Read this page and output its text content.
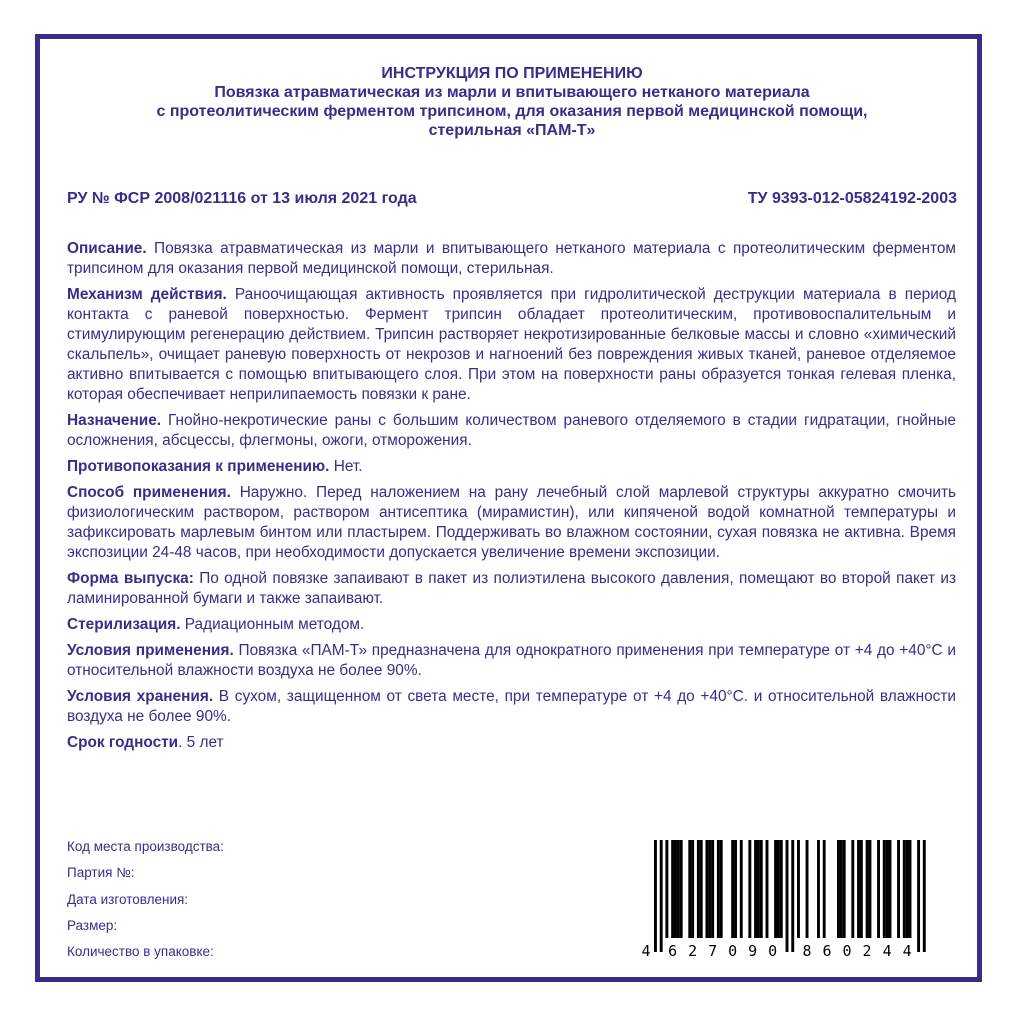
ИНСТРУКЦИЯ ПО ПРИМЕНЕНИЮ
Повязка атравматическая из марли и впитывающего нетканого материала
с протеолитическим ферментом трипсином, для оказания первой медицинской помощи,
стерильная «ПАМ-Т»
РУ № ФСР 2008/021116 от 13 июля 2021 года	ТУ 9393-012-05824192-2003

Описание. Повязка атравматическая из марли и впитывающего нетканого материала с протеолитическим ферментом трипсином для оказания первой медицинской помощи, стерильная.

Механизм действия. Раноочищающая активность проявляется при гидролитической деструкции материала в период контакта с раневой поверхностью. Фермент трипсин обладает протеолитическим, противовоспалительным и стимулирующим регенерацию действием. Трипсин растворяет некротизированные белковые массы и словно «химический скальпель», очищает раневую поверхность от некрозов и нагноений без повреждения живых тканей, раневое отделяемое активно впитывается с помощью впитывающего слоя. При этом на поверхности раны образуется тонкая гелевая пленка, которая обеспечивает неприлипаемость повязки к ране.

Назначение. Гнойно-некротические раны с большим количеством раневого отделяемого в стадии гидратации, гнойные осложнения, абсцессы, флегмоны, ожоги, отморожения.

Противопоказания к применению. Нет.

Способ применения. Наружно. Перед наложением на рану лечебный слой марлевой структуры аккуратно смочить физиологическим раствором, раствором антисептика (мирамистин), или кипяченой водой комнатной температуры и зафиксировать марлевым бинтом или пластырем. Поддерживать во влажном состоянии, сухая повязка не активна. Время экспозиции 24-48 часов, при необходимости допускается увеличение времени экспозиции.

Форма выпуска: По одной повязке запаивают в пакет из полиэтилена высокого давления, помещают во второй пакет из ламинированной бумаги и также запаивают.

Стерилизация. Радиационным методом.

Условия применения. Повязка «ПАМ-Т» предназначена для однократного применения при температуре от +4 до +40°С и относительной влажности воздуха не более 90%.

Условия хранения. В сухом, защищенном от света месте, при температуре от +4 до +40°С. и относительной влажности воздуха не более 90%.

Срок годности. 5 лет

Код места производства:
Партия №:
Дата изготовления:
Размер:
Количество в упаковке:	4 6 2 7 0 9 0 8 6 0 2 4 4
